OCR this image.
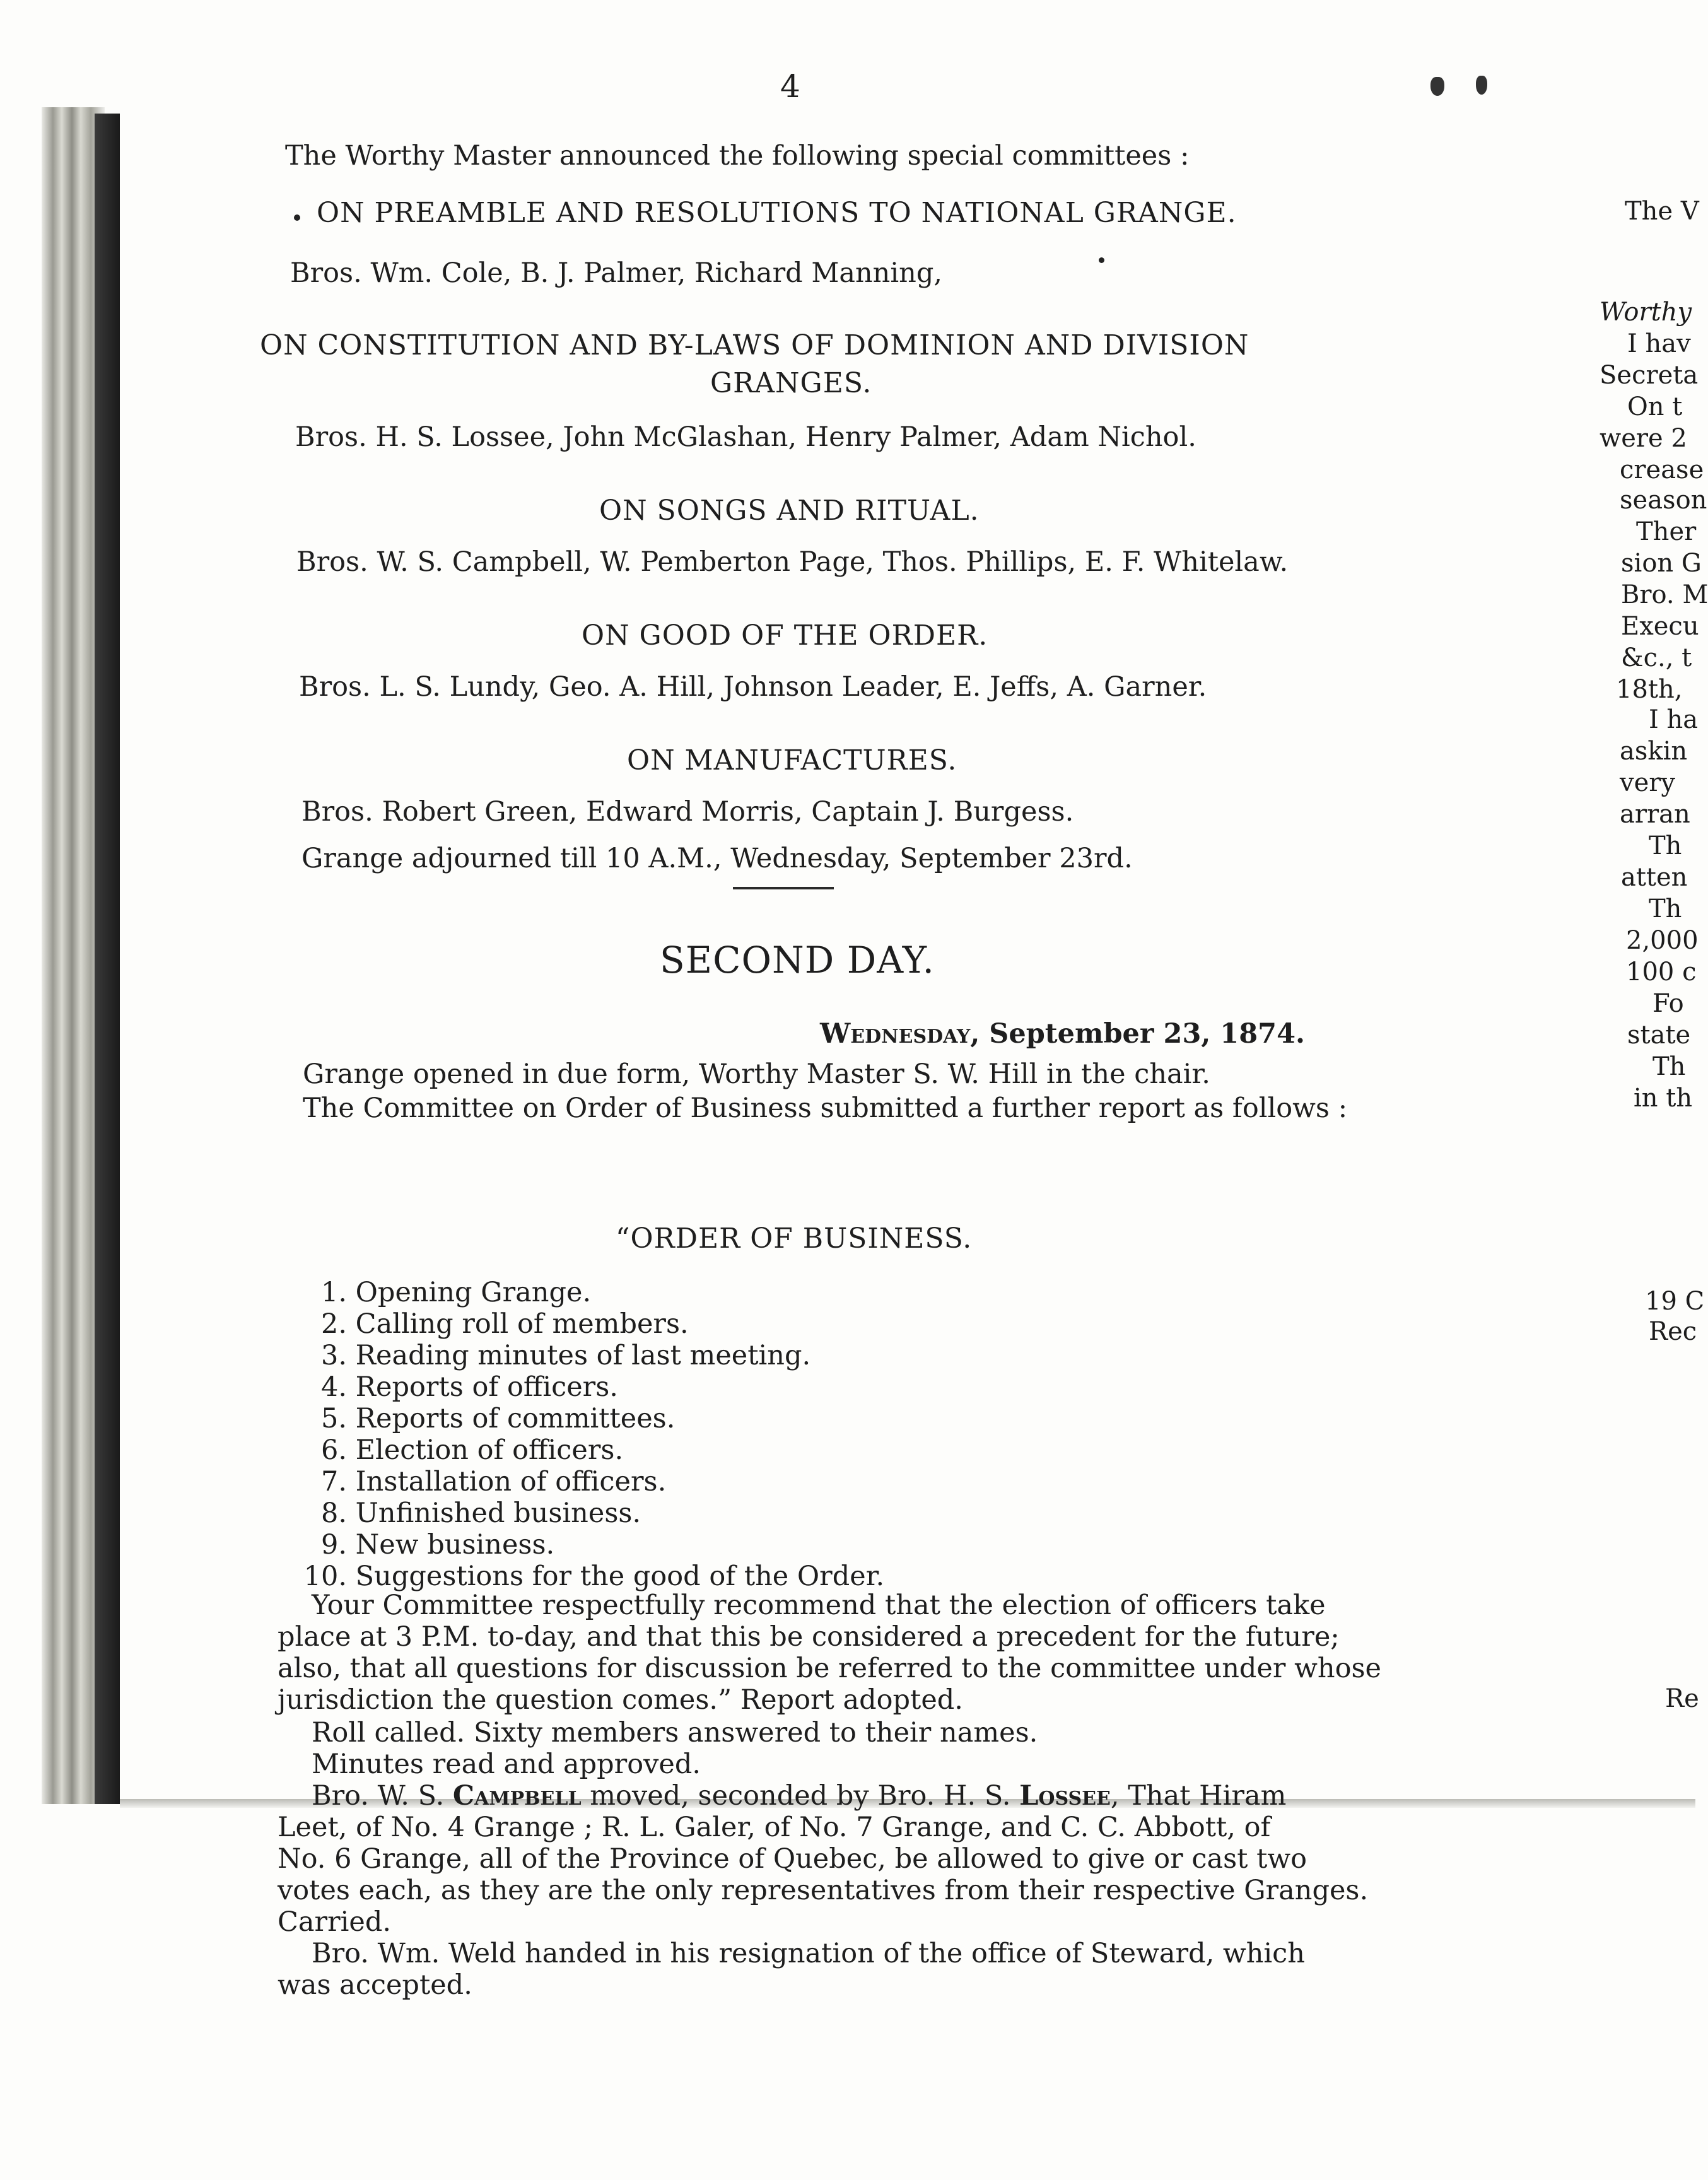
4
The Worthy Master announced the following special committees :
ON PREAMBLE AND RESOLUTIONS TO NATIONAL GRANGE.
Bros. Wm. Cole, B. J. Palmer, Richard Manning,
ON CONSTITUTION AND BY-LAWS OF DOMINION AND DIVISION
GRANGES.
Bros. H. S. Lossee, John McGlashan, Henry Palmer, Adam Nichol.
ON SONGS AND RITUAL.
Bros. W. S. Campbell, W. Pemberton Page, Thos. Phillips, E. F. Whitelaw.
ON GOOD OF THE ORDER.
Bros. L. S. Lundy, Geo. A. Hill, Johnson Leader, E. Jeffs, A. Garner.
ON MANUFACTURES.
Bros. Robert Green, Edward Morris, Captain J. Burgess.
Grange adjourned till 10 A.M., Wednesday, September 23rd.
SECOND DAY.
Wednesday, September 23, 1874.
Grange opened in due form, Worthy Master S. W. Hill in the chair.
The Committee on Order of Business submitted a further report as follows :
“ORDER OF BUSINESS.
1. Opening Grange.
2. Calling roll of members.
3. Reading minutes of last meeting.
4. Reports of officers.
5. Reports of committees.
6. Election of officers.
7. Installation of officers.
8. Unfinished business.
9. New business.
10. Suggestions for the good of the Order.
Your Committee respectfully recommend that the election of officers take
place at 3 P.M. to-day, and that this be considered a precedent for the future;
also, that all questions for discussion be referred to the committee under whose
jurisdiction the question comes.” Report adopted.
Roll called. Sixty members answered to their names.
Minutes read and approved.
Bro. W. S. Campbell moved, seconded by Bro. H. S. Lossee, That Hiram
Leet, of No. 4 Grange ; R. L. Galer, of No. 7 Grange, and C. C. Abbott, of
No. 6 Grange, all of the Province of Quebec, be allowed to give or cast two
votes each, as they are the only representatives from their respective Granges.
Carried.
Bro. Wm. Weld handed in his resignation of the office of Steward, which
was accepted.
The V
Worthy
I hav
Secreta
On t
were 2
crease
season
Ther
sion G
Bro. M
Execu
&c., t
18th,
I ha
askin
very
arran
Th
atten
Th
2,000
100 c
Fo
state
Th
in th
19 C
Rec
Re
